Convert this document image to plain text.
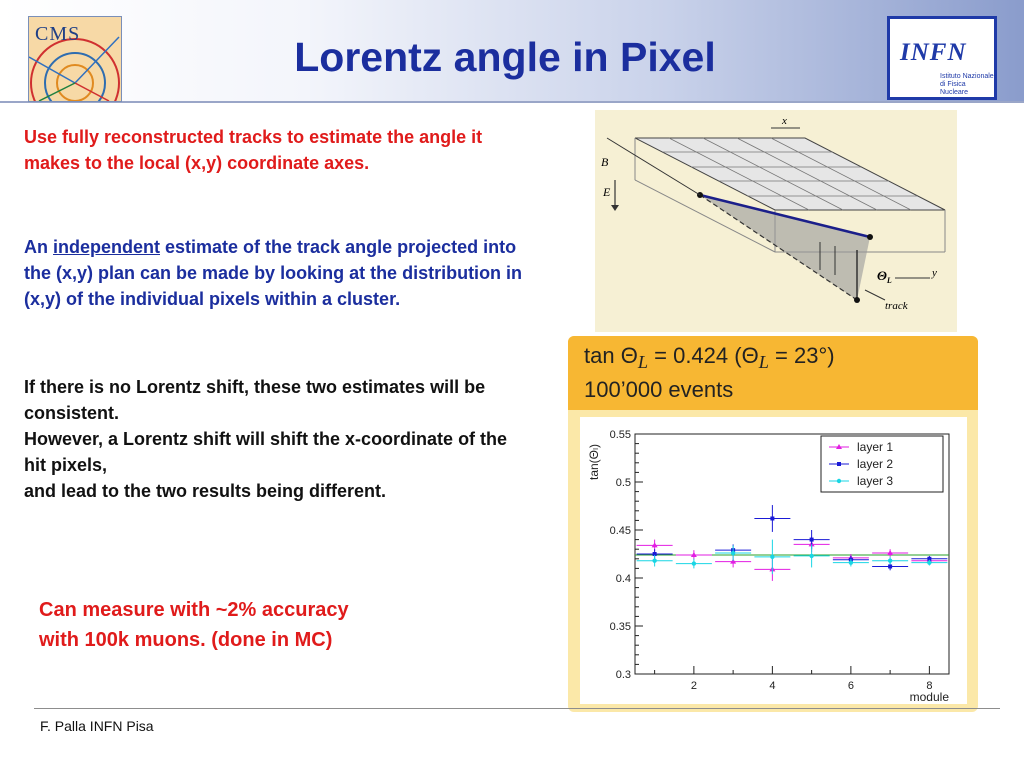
CMS	Lorentz angle in Pixel	INFN
Istituto Nazionale
di Fisica Nucleare
Use fully reconstructed tracks to estimate the angle it makes to the local (x,y) coordinate axes.
An independent estimate of the track angle projected into the (x,y) plan can be made by looking at the distribution in (x,y) of the individual pixels within a cluster.
If there is no Lorentz shift, these two estimates will be consistent.
However, a Lorentz shift will shift the x-coordinate of the hit pixels,
and lead to the two results being different.
Can measure with ~2% accuracy
with 100k muons. (done in MC)
x
y
B
E
$\Theta_L$
track
$\tan \Theta_L = 0.424$ $(\Theta_L = 23^\circ)$
100’000 events
0.3
0.35
0.4
0.45
0.5
0.55
2	4	6	8
module
tan(Θₗ)	layer 1
layer 2
layer 3
F. Palla INFN Pisa
